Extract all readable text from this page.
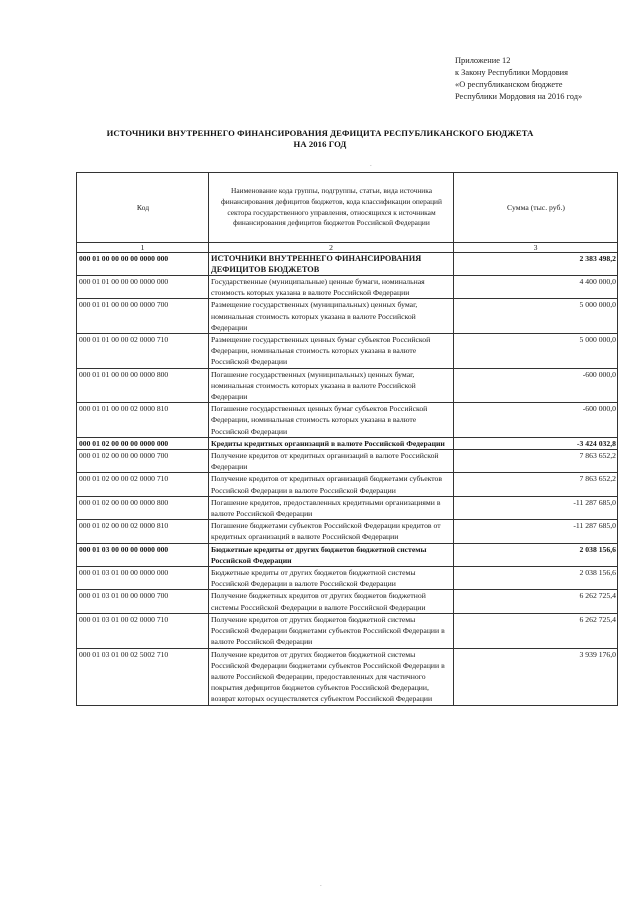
Приложение 12
к Закону Республики Мордовия
«О республиканском бюджете
Республики Мордовия на 2016 год»
ИСТОЧНИКИ ВНУТРЕННЕГО ФИНАНСИРОВАНИЯ ДЕФИЦИТА РЕСПУБЛИКАНСКОГО БЮДЖЕТА
НА 2016 ГОД
.
Код	Наименование кода группы, подгруппы, статьи, вида источника финансирования дефицитов бюджетов, кода классификации операций сектора государственного управления, относящихся к источникам финансирования дефицитов бюджетов Российской Федерации	Сумма (тыс. руб.)
1	2	3
000 01 00 00 00 00 0000 000	ИСТОЧНИКИ ВНУТРЕННЕГО ФИНАНСИРОВАНИЯ ДЕФИЦИТОВ БЮДЖЕТОВ	2 383 498,2
000 01 01 00 00 00 0000 000	Государственные (муниципальные) ценные бумаги, номинальная стоимость которых указана в валюте Российской Федерации	4 400 000,0
000 01 01 00 00 00 0000 700	Размещение государственных (муниципальных) ценных бумаг, номинальная стоимость которых указана в валюте Российской Федерации	5 000 000,0
000 01 01 00 00 02 0000 710	Размещение государственных ценных бумаг субъектов Российской Федерации, номинальная стоимость которых указана в валюте Российской Федерации	5 000 000,0
000 01 01 00 00 00 0000 800	Погашение государственных (муниципальных) ценных бумаг, номинальная стоимость которых указана в валюте Российской Федерации	-600 000,0
000 01 01 00 00 02 0000 810	Погашение государственных ценных бумаг субъектов Российской Федерации, номинальная стоимость которых указана в валюте Российской Федерации	-600 000,0
000 01 02 00 00 00 0000 000	Кредиты кредитных организаций в валюте Российской Федерации	-3 424 032,8
000 01 02 00 00 00 0000 700	Получение кредитов от кредитных организаций в валюте Российской Федерации	7 863 652,2
000 01 02 00 00 02 0000 710	Получение кредитов от кредитных организаций бюджетами субъектов Российской Федерации в валюте Российской Федерации	7 863 652,2
000 01 02 00 00 00 0000 800	Погашение кредитов, предоставленных кредитными организациями в валюте Российской Федерации	-11 287 685,0
000 01 02 00 00 02 0000 810	Погашение бюджетами субъектов Российской Федерации кредитов от кредитных организаций в валюте Российской Федерации	-11 287 685,0
000 01 03 00 00 00 0000 000	Бюджетные кредиты от других бюджетов бюджетной системы Российской Федерации	2 038 156,6
000 01 03 01 00 00 0000 000	Бюджетные кредиты от других бюджетов бюджетной системы Российской Федерации в валюте Российской Федерации	2 038 156,6
000 01 03 01 00 00 0000 700	Получение бюджетных кредитов от других бюджетов бюджетной системы Российской Федерации в валюте Российской Федерации	6 262 725,4
000 01 03 01 00 02 0000 710	Получение кредитов от других бюджетов бюджетной системы Российской Федерации бюджетами субъектов Российской Федерации в валюте Российской Федерации	6 262 725,4
000 01 03 01 00 02 5002 710	Получение кредитов от других бюджетов бюджетной системы Российской Федерации бюджетами субъектов Российской Федерации в валюте Российской Федерации, предоставленных для частичного покрытия дефицитов бюджетов субъектов Российской Федерации, возврат которых осуществляется субъектом Российской Федерации	3 939 176,0
.
